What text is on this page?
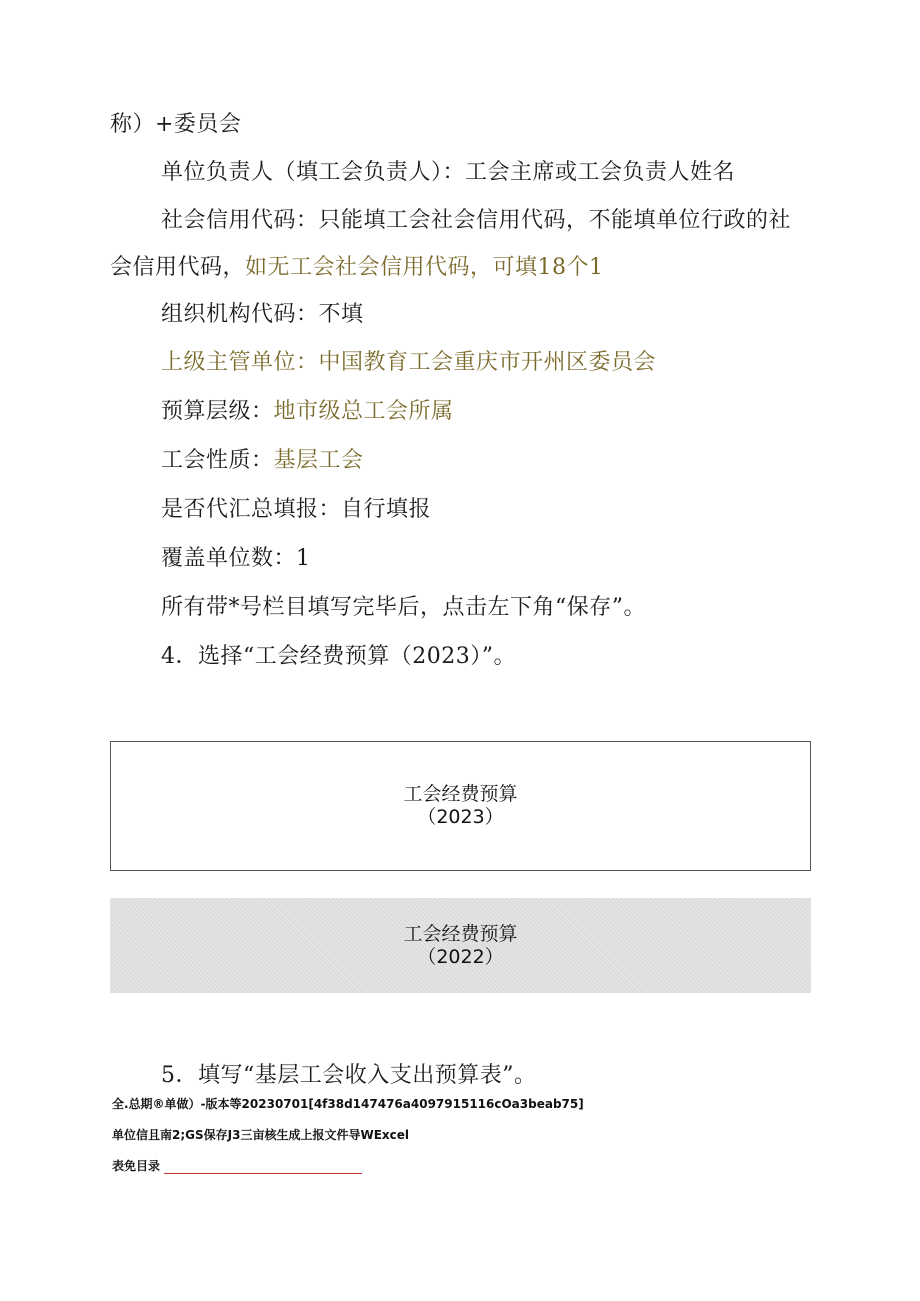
称）+委员会
单位负责人（填工会负责人）：工会主席或工会负责人姓名
社会信用代码：只能填工会社会信用代码，不能填单位行政的社
会信用代码，如无工会社会信用代码，可填18个1
组织机构代码：不填
上级主管单位：中国教育工会重庆市开州区委员会
预算层级：地市级总工会所属
工会性质：基层工会
是否代汇总填报：自行填报
覆盖单位数：1
所有带*号栏目填写完毕后，点击左下角“保存”。
4．选择“工会经费预算（2023）”。
工会经费预算
（2023）
工会经费预算
（2022）
5．填写“基层工会收入支出预算表”。
全.总期®单做）-版本等20230701[4f38d147476a4097915116cOa3beab75]
单位信且南2;GS保存J3三亩核生成上报文件导WExcel
表免目录
